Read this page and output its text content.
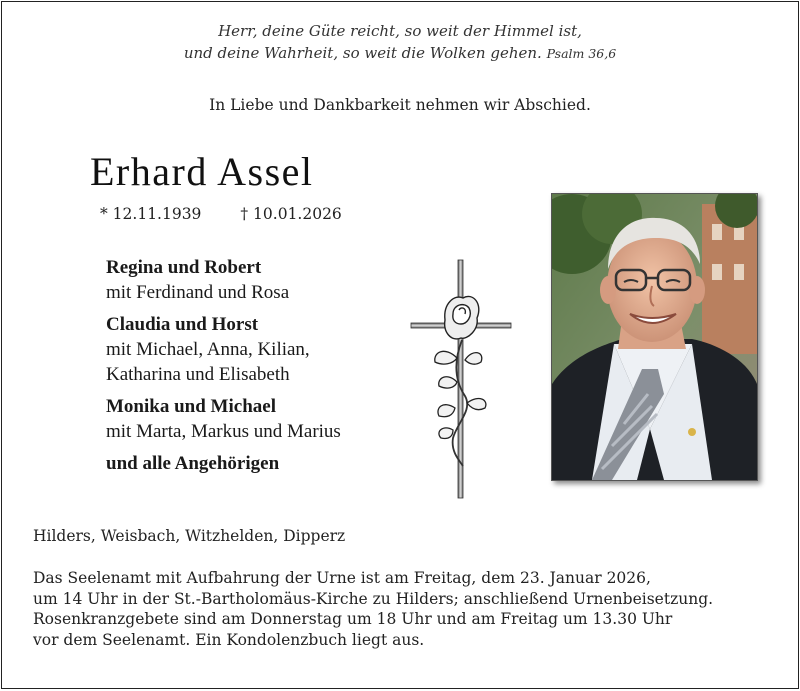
Herr, deine Güte reicht, so weit der Himmel ist,
und deine Wahrheit, so weit die Wolken gehen. Psalm 36,6
In Liebe und Dankbarkeit nehmen wir Abschied.
Erhard Assel
* 12.11.1939	† 10.01.2026
Regina und Robert
mit Ferdinand und Rosa
Claudia und Horst
mit Michael, Anna, Kilian,
Katharina und Elisabeth
Monika und Michael
mit Marta, Markus und Marius
und alle Angehörigen
Hilders, Weisbach, Witzhelden, Dipperz
Das Seelenamt mit Aufbahrung der Urne ist am Freitag, dem 23. Januar 2026,
um 14 Uhr in der St.-Bartholomäus-Kirche zu Hilders; anschließend Urnenbeisetzung.
Rosenkranzgebete sind am Donnerstag um 18 Uhr und am Freitag um 13.30 Uhr
vor dem Seelenamt. Ein Kondolenzbuch liegt aus.
